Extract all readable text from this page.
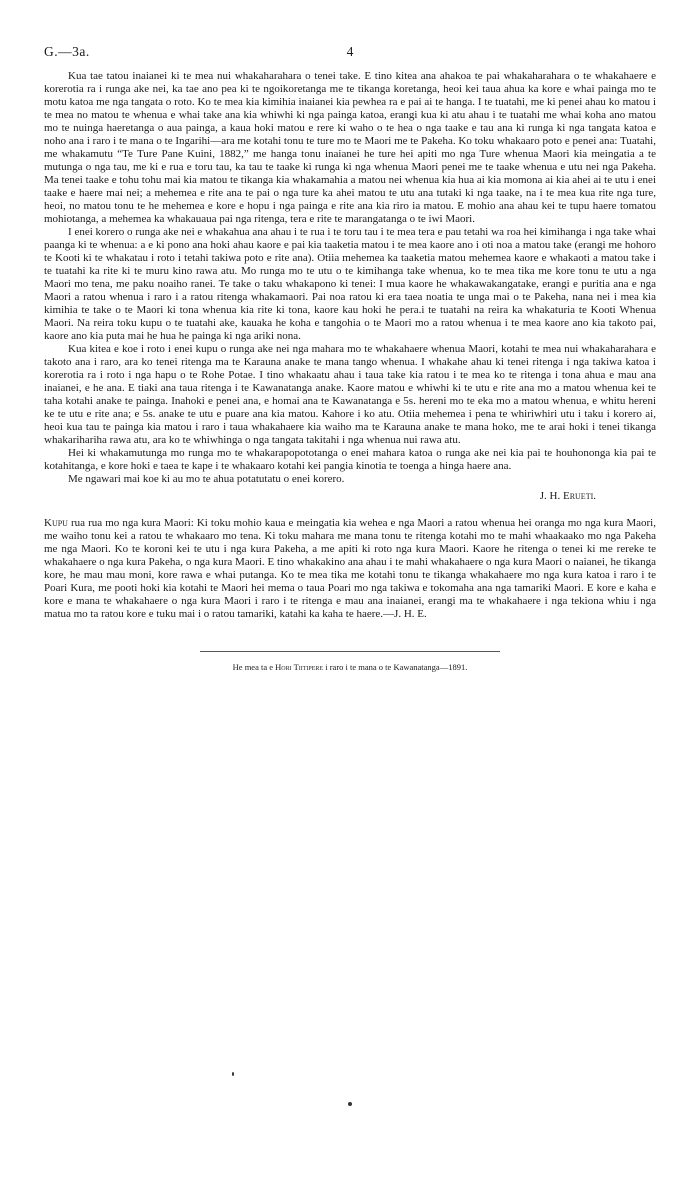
G.—3a.	4

Kua tae tatou inaianei ki te mea nui whakaharahara o tenei take. E tino kitea ana ahakoa te pai whakaharahara o te whakahaere e korerotia ra i runga ake nei, ka tae ano pea ki te ngoikoretanga me te tikanga koretanga, heoi kei taua ahua ka kore e whai painga mo te motu katoa me nga tangata o roto. Ko te mea kia kimihia inaianei kia pewhea ra e pai ai te hanga. I te tuatahi, me ki penei ahau ko matou i te mea no matou te whenua e whai take ana kia whiwhi ki nga painga katoa, erangi kua ki atu ahau i te tuatahi me whai koha ano matou mo te nuinga haeretanga o aua painga, a kaua hoki matou e rere ki waho o te hea o nga taake e tau ana ki runga ki nga tangata katoa e noho ana i raro i te mana o te Ingarihi—ara me kotahi tonu te ture mo te Maori me te Pakeha. Ko toku whakaaro poto e penei ana: Tuatahi, me whakamutu “Te Ture Pane Kuini, 1882,” me hanga tonu inaianei he ture hei apiti mo nga Ture whenua Maori kia meingatia a te mutunga o nga tau, me ki e rua e toru tau, ka tau te taake ki runga ki nga whenua Maori penei me te taake whenua e utu nei nga Pakeha. Ma tenei taake e tohu tohu mai kia matou te tikanga kia whakamahia a matou nei whenua kia hua ai kia momona ai kia ahei ai te utu i enei taake e haere mai nei; a mehemea e rite ana te pai o nga ture ka ahei matou te utu ana tutaki ki nga taake, na i te mea kua rite nga ture, heoi, no matou tonu te he mehemea e kore e hopu i nga painga e rite ana kia riro ia matou. E mohio ana ahau kei te tupu haere tomatou mohiotanga, a mehemea ka whakauaua pai nga ritenga, tera e rite te marangatanga o te iwi Maori.

I enei korero o runga ake nei e whakahua ana ahau i te rua i te toru tau i te mea tera e pau tetahi wa roa hei kimihanga i nga take whai paanga ki te whenua: a e ki pono ana hoki ahau kaore e pai kia taaketia matou i te mea kaore ano i oti noa a matou take (erangi me hohoro te Kooti ki te whakatau i roto i tetahi takiwa poto e rite ana). Otiia mehemea ka taaketia matou mehemea kaore e whakaoti a matou take i te tuatahi ka rite ki te muru kino rawa atu. Mo runga mo te utu o te kimihanga take whenua, ko te mea tika me kore tonu te utu a nga Maori mo tena, me paku noaiho ranei. Te take o taku whakapono ki tenei: I mua kaore he whakawakangatake, erangi e puritia ana e nga Maori a ratou whenua i raro i a ratou ritenga whakamaori. Pai noa ratou ki era taea noatia te unga mai o te Pakeha, nana nei i mea kia kimihia te take o te Maori ki tona whenua kia rite ki tona, kaore kau hoki he pera.i te tuatahi na reira ka whakaturia te Kooti Whenua Maori. Na reira toku kupu o te tuatahi ake, kauaka he koha e tangohia o te Maori mo a ratou whenua i te mea kaore ano kia takoto pai, kaore ano kia puta mai he hua he painga ki nga ariki nona.

Kua kitea e koe i roto i enei kupu o runga ake nei nga mahara mo te whakahaere whenua Maori, kotahi te mea nui whakaharahara e takoto ana i raro, ara ko tenei ritenga ma te Karauna anake te mana tango whenua. I whakahe ahau ki tenei ritenga i nga takiwa katoa i korerotia ra i roto i nga hapu o te Rohe Potae. I tino whakaatu ahau i taua take kia ratou i te mea ko te ritenga i tona ahua e mau ana inaianei, e he ana. E tiaki ana taua ritenga i te Kawanatanga anake. Kaore matou e whiwhi ki te utu e rite ana mo a matou whenua kei te taha kotahi anake te painga. Inahoki e penei ana, e homai ana te Kawanatanga e 5s. hereni mo te eka mo a matou whenua, e whitu hereni ke te utu e rite ana; e 5s. anake te utu e puare ana kia matou. Kahore i ko atu. Otiia mehemea i pena te whiriwhiri utu i taku i korero ai, heoi kua tau te painga kia matou i raro i taua whakahaere kia waiho ma te Karauna anake te mana hoko, me te arai hoki i tenei tikanga whakarihariha rawa atu, ara ko te whiwhinga o nga tangata takitahi i nga whenua nui rawa atu.

Hei ki whakamutunga mo runga mo te whakarapopototanga o enei mahara katoa o runga ake nei kia pai te houhononga kia pai te kotahitanga, e kore hoki e taea te kape i te whakaaro kotahi kei pangia kinotia te toenga a hinga haere ana.

Me ngawari mai koe ki au mo te ahua potatutatu o enei korero.

J. H. Erueti.
Kupu rua rua mo nga kura Maori: Ki toku mohio kaua e meingatia kia wehea e nga Maori a ratou whenua hei oranga mo nga kura Maori, me waiho tonu kei a ratou te whakaaro mo tena. Ki toku mahara me mana tonu te ritenga kotahi mo te mahi whaakaako mo nga Pakeha me nga Maori. Ko te koroni kei te utu i nga kura Pakeha, a me apiti ki roto nga kura Maori. Kaore he ritenga o tenei ki me rereke te whakahaere o nga kura Pakeha, o nga kura Maori. E tino whakakino ana ahau i te mahi whakahaere o nga kura Maori o naianei, he tikanga kore, he mau mau moni, kore rawa e whai putanga. Ko te mea tika me kotahi tonu te tikanga whakahaere mo nga kura katoa i raro i te Poari Kura, me pooti hoki kia kotahi te Maori hei mema o taua Poari mo nga takiwa e tokomaha ana nga tamariki Maori. E kore e kaha e kore e mana te whakahaere o nga kura Maori i raro i te ritenga e mau ana inaianei, erangi ma te whakahaere i nga tekiona whiu i nga matua mo ta ratou kore e tuku mai i o ratou tamariki, katahi ka kaha te haere.—J. H. E.
He mea ta e Hori Tiitipere i raro i te mana o te Kawanatanga—1891.
